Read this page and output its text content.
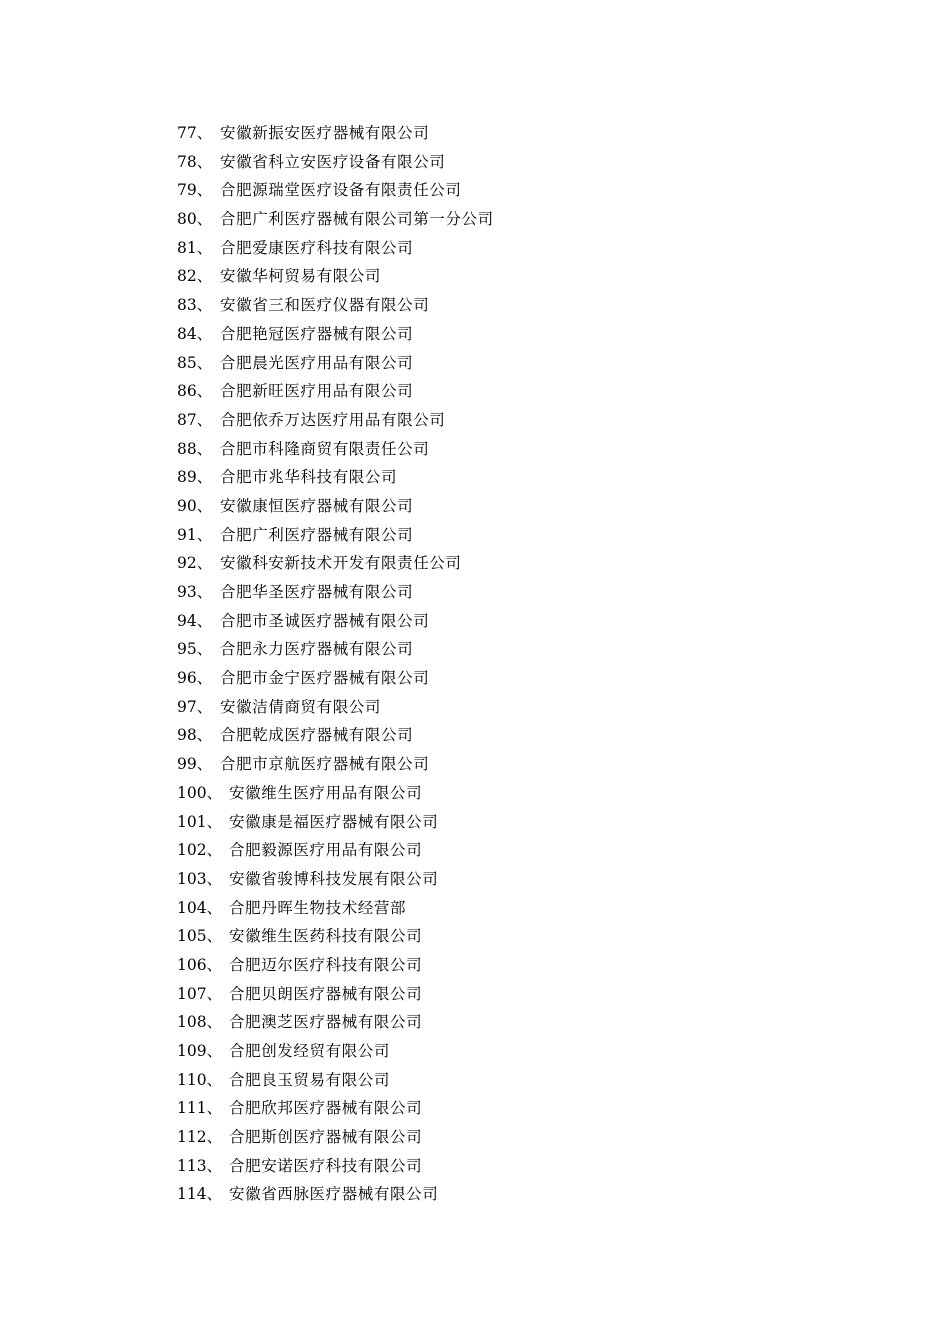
77、 安徽新振安医疗器械有限公司
78、 安徽省科立安医疗设备有限公司
79、 合肥源瑞堂医疗设备有限责任公司
80、 合肥广利医疗器械有限公司第一分公司
81、 合肥爱康医疗科技有限公司
82、 安徽华柯贸易有限公司
83、 安徽省三和医疗仪器有限公司
84、 合肥艳冠医疗器械有限公司
85、 合肥晨光医疗用品有限公司
86、 合肥新旺医疗用品有限公司
87、 合肥依乔万达医疗用品有限公司
88、 合肥市科隆商贸有限责任公司
89、 合肥市兆华科技有限公司
90、 安徽康恒医疗器械有限公司
91、 合肥广利医疗器械有限公司
92、 安徽科安新技术开发有限责任公司
93、 合肥华圣医疗器械有限公司
94、 合肥市圣诚医疗器械有限公司
95、 合肥永力医疗器械有限公司
96、 合肥市金宁医疗器械有限公司
97、 安徽洁倩商贸有限公司
98、 合肥乾成医疗器械有限公司
99、 合肥市京航医疗器械有限公司
100、 安徽维生医疗用品有限公司
101、 安徽康是福医疗器械有限公司
102、 合肥毅源医疗用品有限公司
103、 安徽省骏博科技发展有限公司
104、 合肥丹晖生物技术经营部
105、 安徽维生医药科技有限公司
106、 合肥迈尔医疗科技有限公司
107、 合肥贝朗医疗器械有限公司
108、 合肥澳芝医疗器械有限公司
109、 合肥创发经贸有限公司
110、 合肥良玉贸易有限公司
111、 合肥欣邦医疗器械有限公司
112、 合肥斯创医疗器械有限公司
113、 合肥安诺医疗科技有限公司
114、 安徽省西脉医疗器械有限公司
